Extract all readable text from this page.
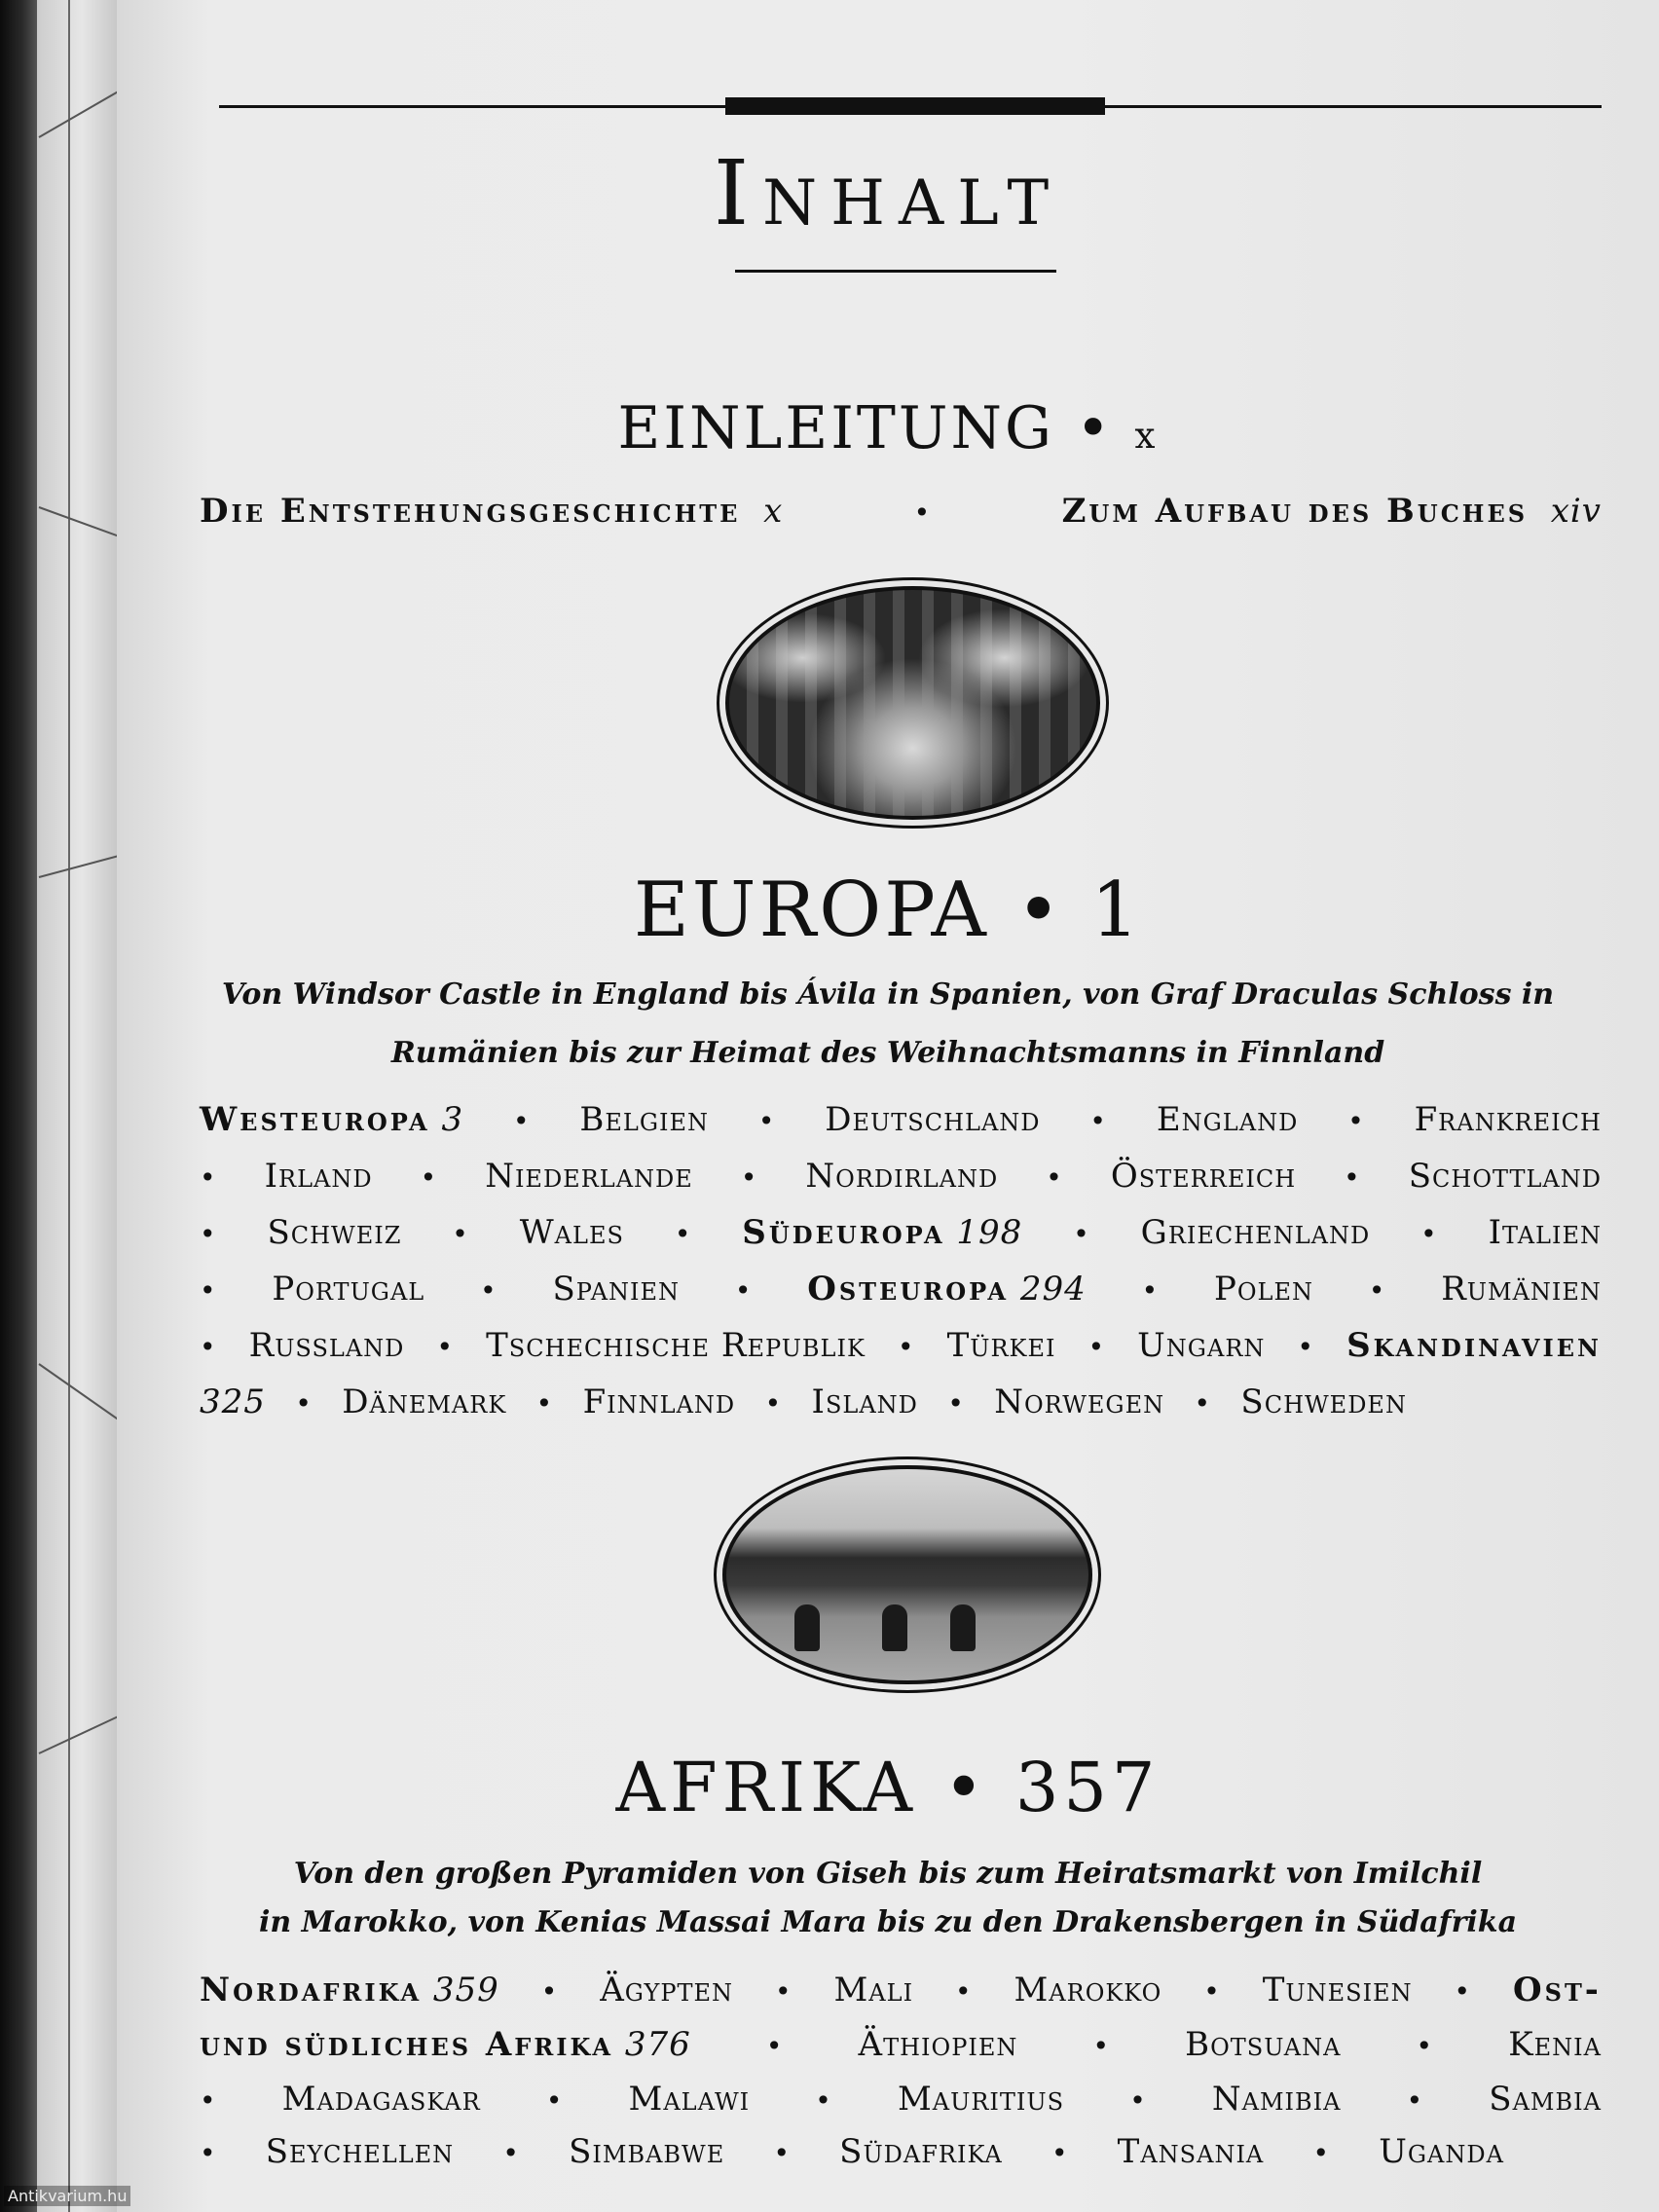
Inhalt
EINLEITUNG • x
Die Entstehungsgeschichte x	•	Zum Aufbau des Buches xiv
EUROPA • 1
Von Windsor Castle in England bis Ávila in Spanien, von Graf Draculas Schloss in
Rumänien bis zur Heimat des Weihnachtsmanns in Finnland
Westeuropa 3 • Belgien • Deutschland • England • Frankreich
• Irland • Niederlande • Nordirland • Österreich • Schottland
• Schweiz • Wales • Südeuropa 198 • Griechenland • Italien
• Portugal • Spanien • Osteuropa 294 • Polen • Rumänien
• Russland • Tschechische Republik • Türkei • Ungarn • Skandinavien
325 • Dänemark • Finnland • Island • Norwegen • Schweden
AFRIKA • 357
Von den großen Pyramiden von Giseh bis zum Heiratsmarkt von Imilchil
in Marokko, von Kenias Massai Mara bis zu den Drakensbergen in Südafrika
Nordafrika 359 • Ägypten • Mali • Marokko • Tunesien • Ost-
und südliches Afrika 376	• Äthiopien	• Botsuana	• Kenia
• Madagaskar • Malawi • Mauritius • Namibia • Sambia
• Seychellen • Simbabwe • Südafrika • Tansania • Uganda
Antikvarium.hu
